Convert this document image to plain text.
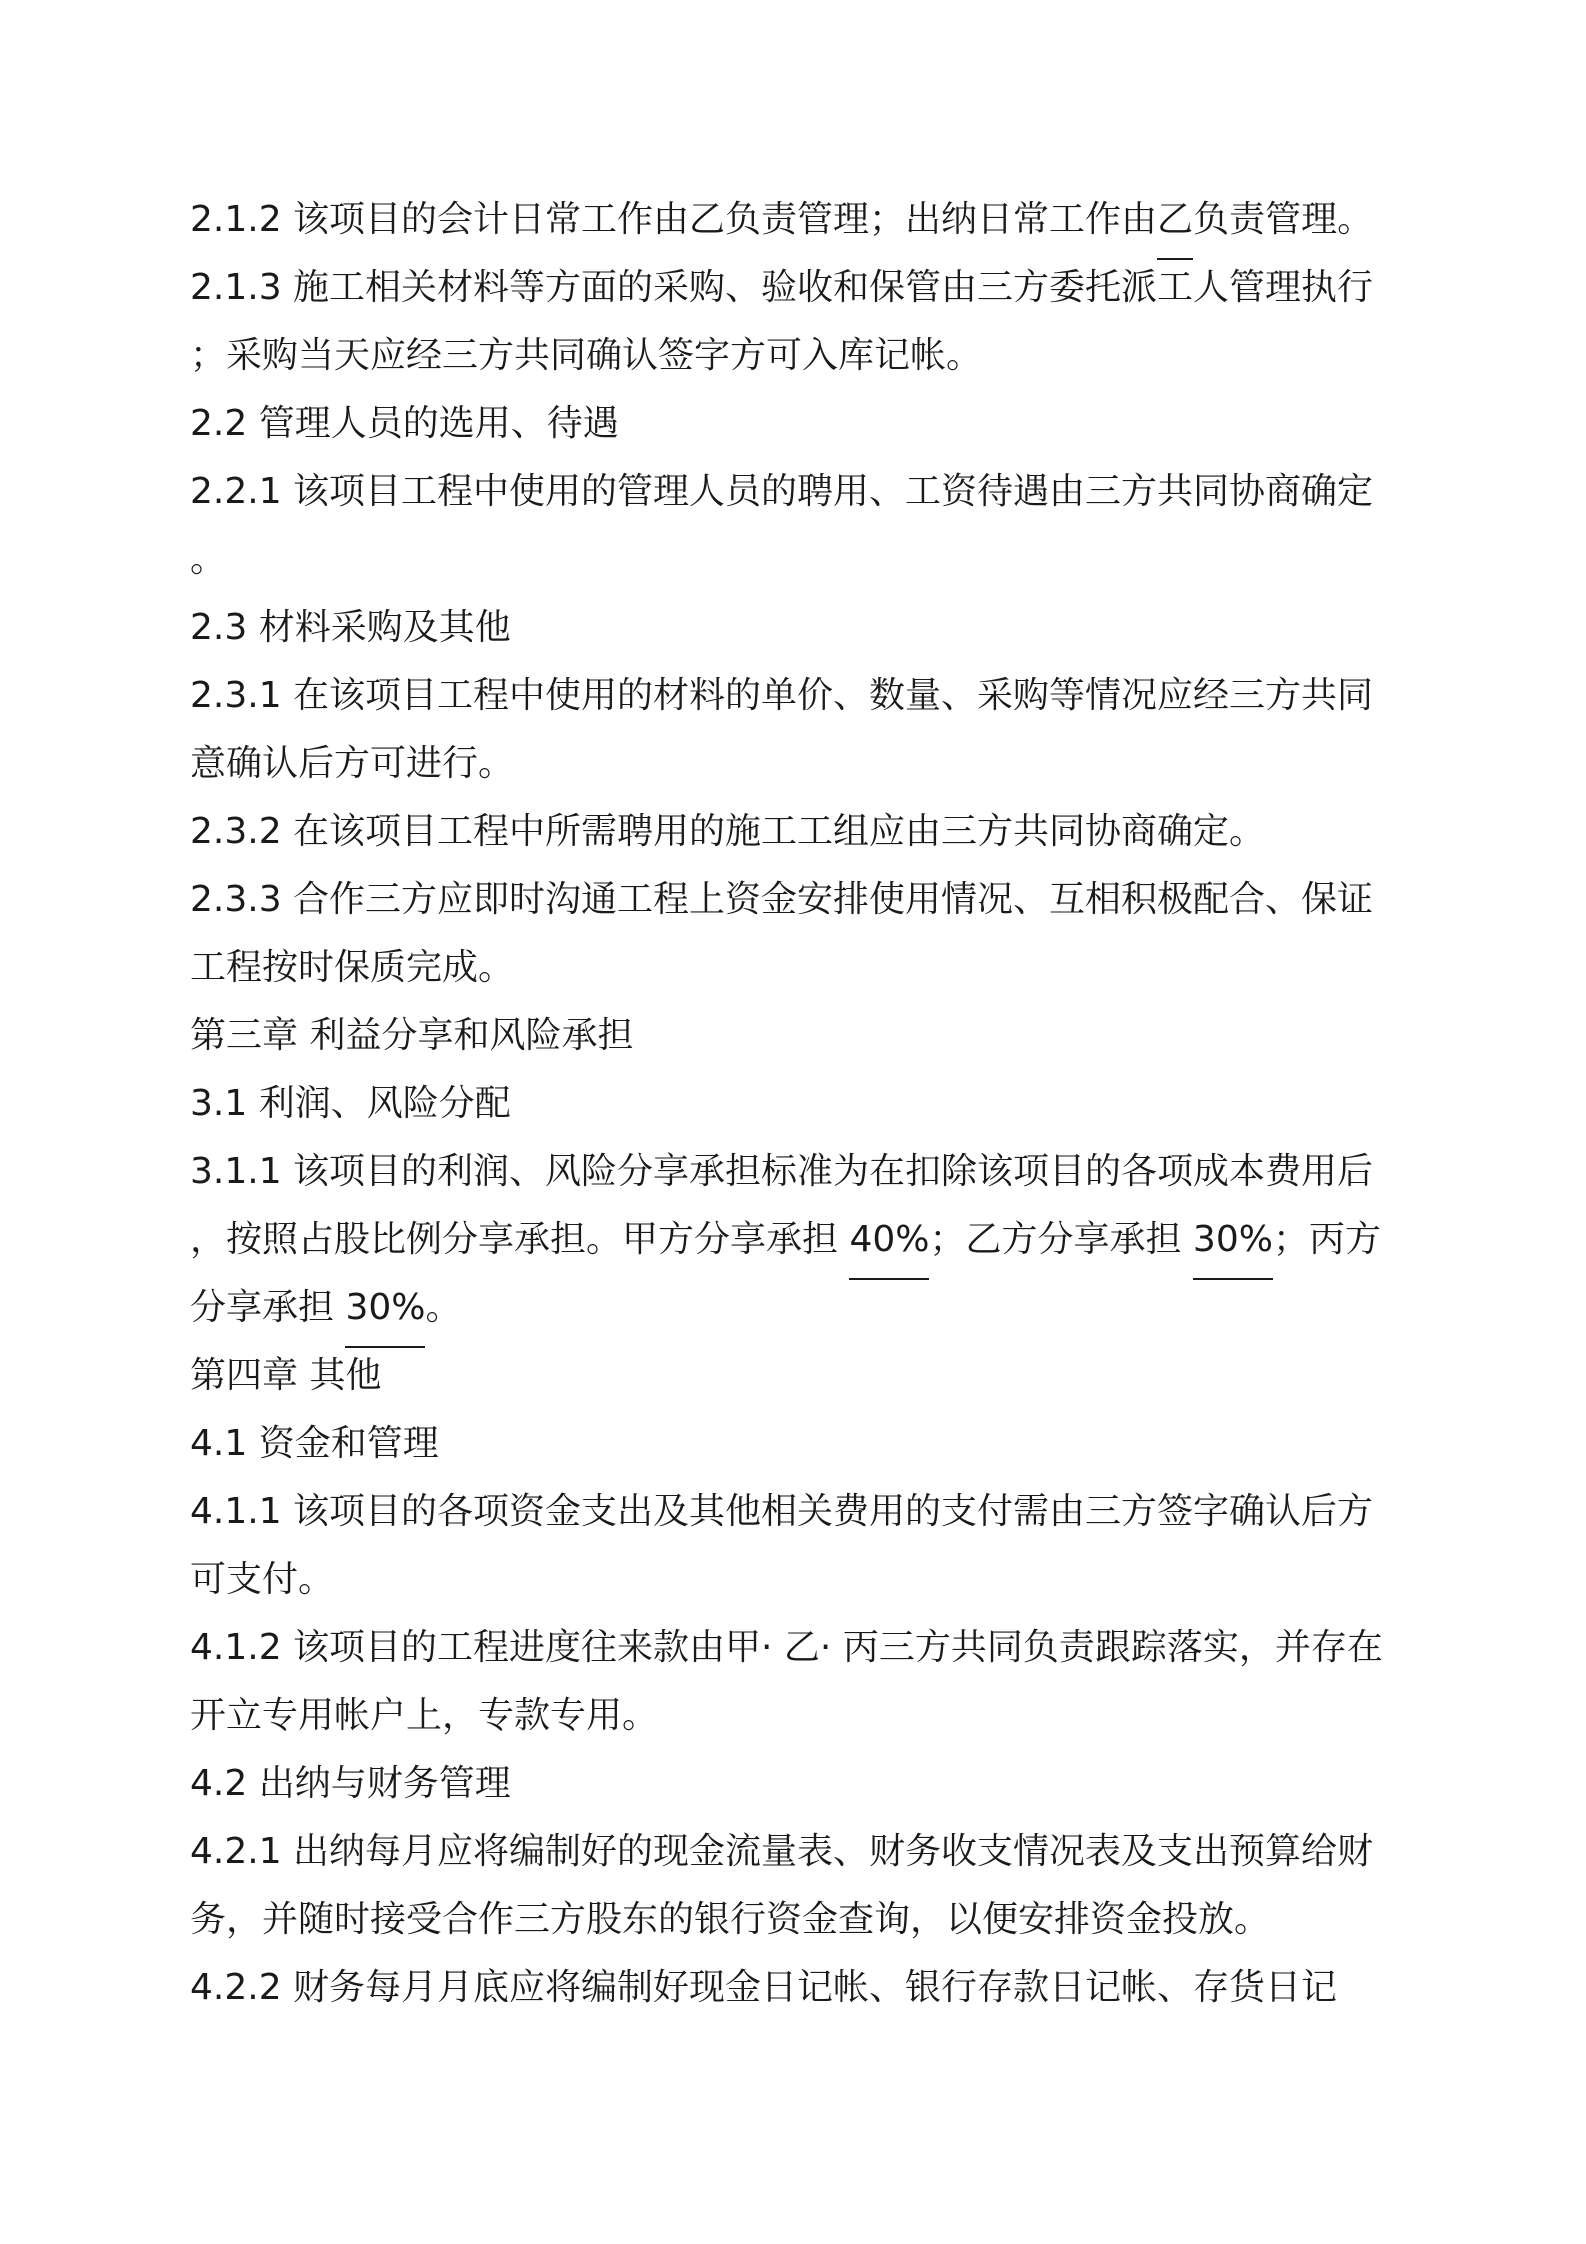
2.1.2 该项目的会计日常工作由乙负责管理；出纳日常工作由乙负责管理。

2.1.3 施工相关材料等方面的采购、验收和保管由三方委托派工人管理执行；采购当天应经三方共同确认签字方可入库记帐。

2.2 管理人员的选用、待遇

2.2.1 该项目工程中使用的管理人员的聘用、工资待遇由三方共同协商确定。

2.3 材料采购及其他

2.3.1 在该项目工程中使用的材料的单价、数量、采购等情况应经三方共同意确认后方可进行。

2.3.2 在该项目工程中所需聘用的施工工组应由三方共同协商确定。

2.3.3 合作三方应即时沟通工程上资金安排使用情况、互相积极配合、保证工程按时保质完成。

第三章 利益分享和风险承担

3.1 利润、风险分配

3.1.1 该项目的利润、风险分享承担标准为在扣除该项目的各项成本费用后，按照占股比例分享承担。甲方分享承担 40%；乙方分享承担 30%；丙方分享承担 30%。

第四章 其他

4.1 资金和管理

4.1.1 该项目的各项资金支出及其他相关费用的支付需由三方签字确认后方可支付。

4.1.2 该项目的工程进度往来款由甲· 乙· 丙三方共同负责跟踪落实，并存在开立专用帐户上，专款专用。

4.2 出纳与财务管理

4.2.1 出纳每月应将编制好的现金流量表、财务收支情况表及支出预算给财务，并随时接受合作三方股东的银行资金查询，以便安排资金投放。

4.2.2 财务每月月底应将编制好现金日记帐、银行存款日记帐、存货日记
